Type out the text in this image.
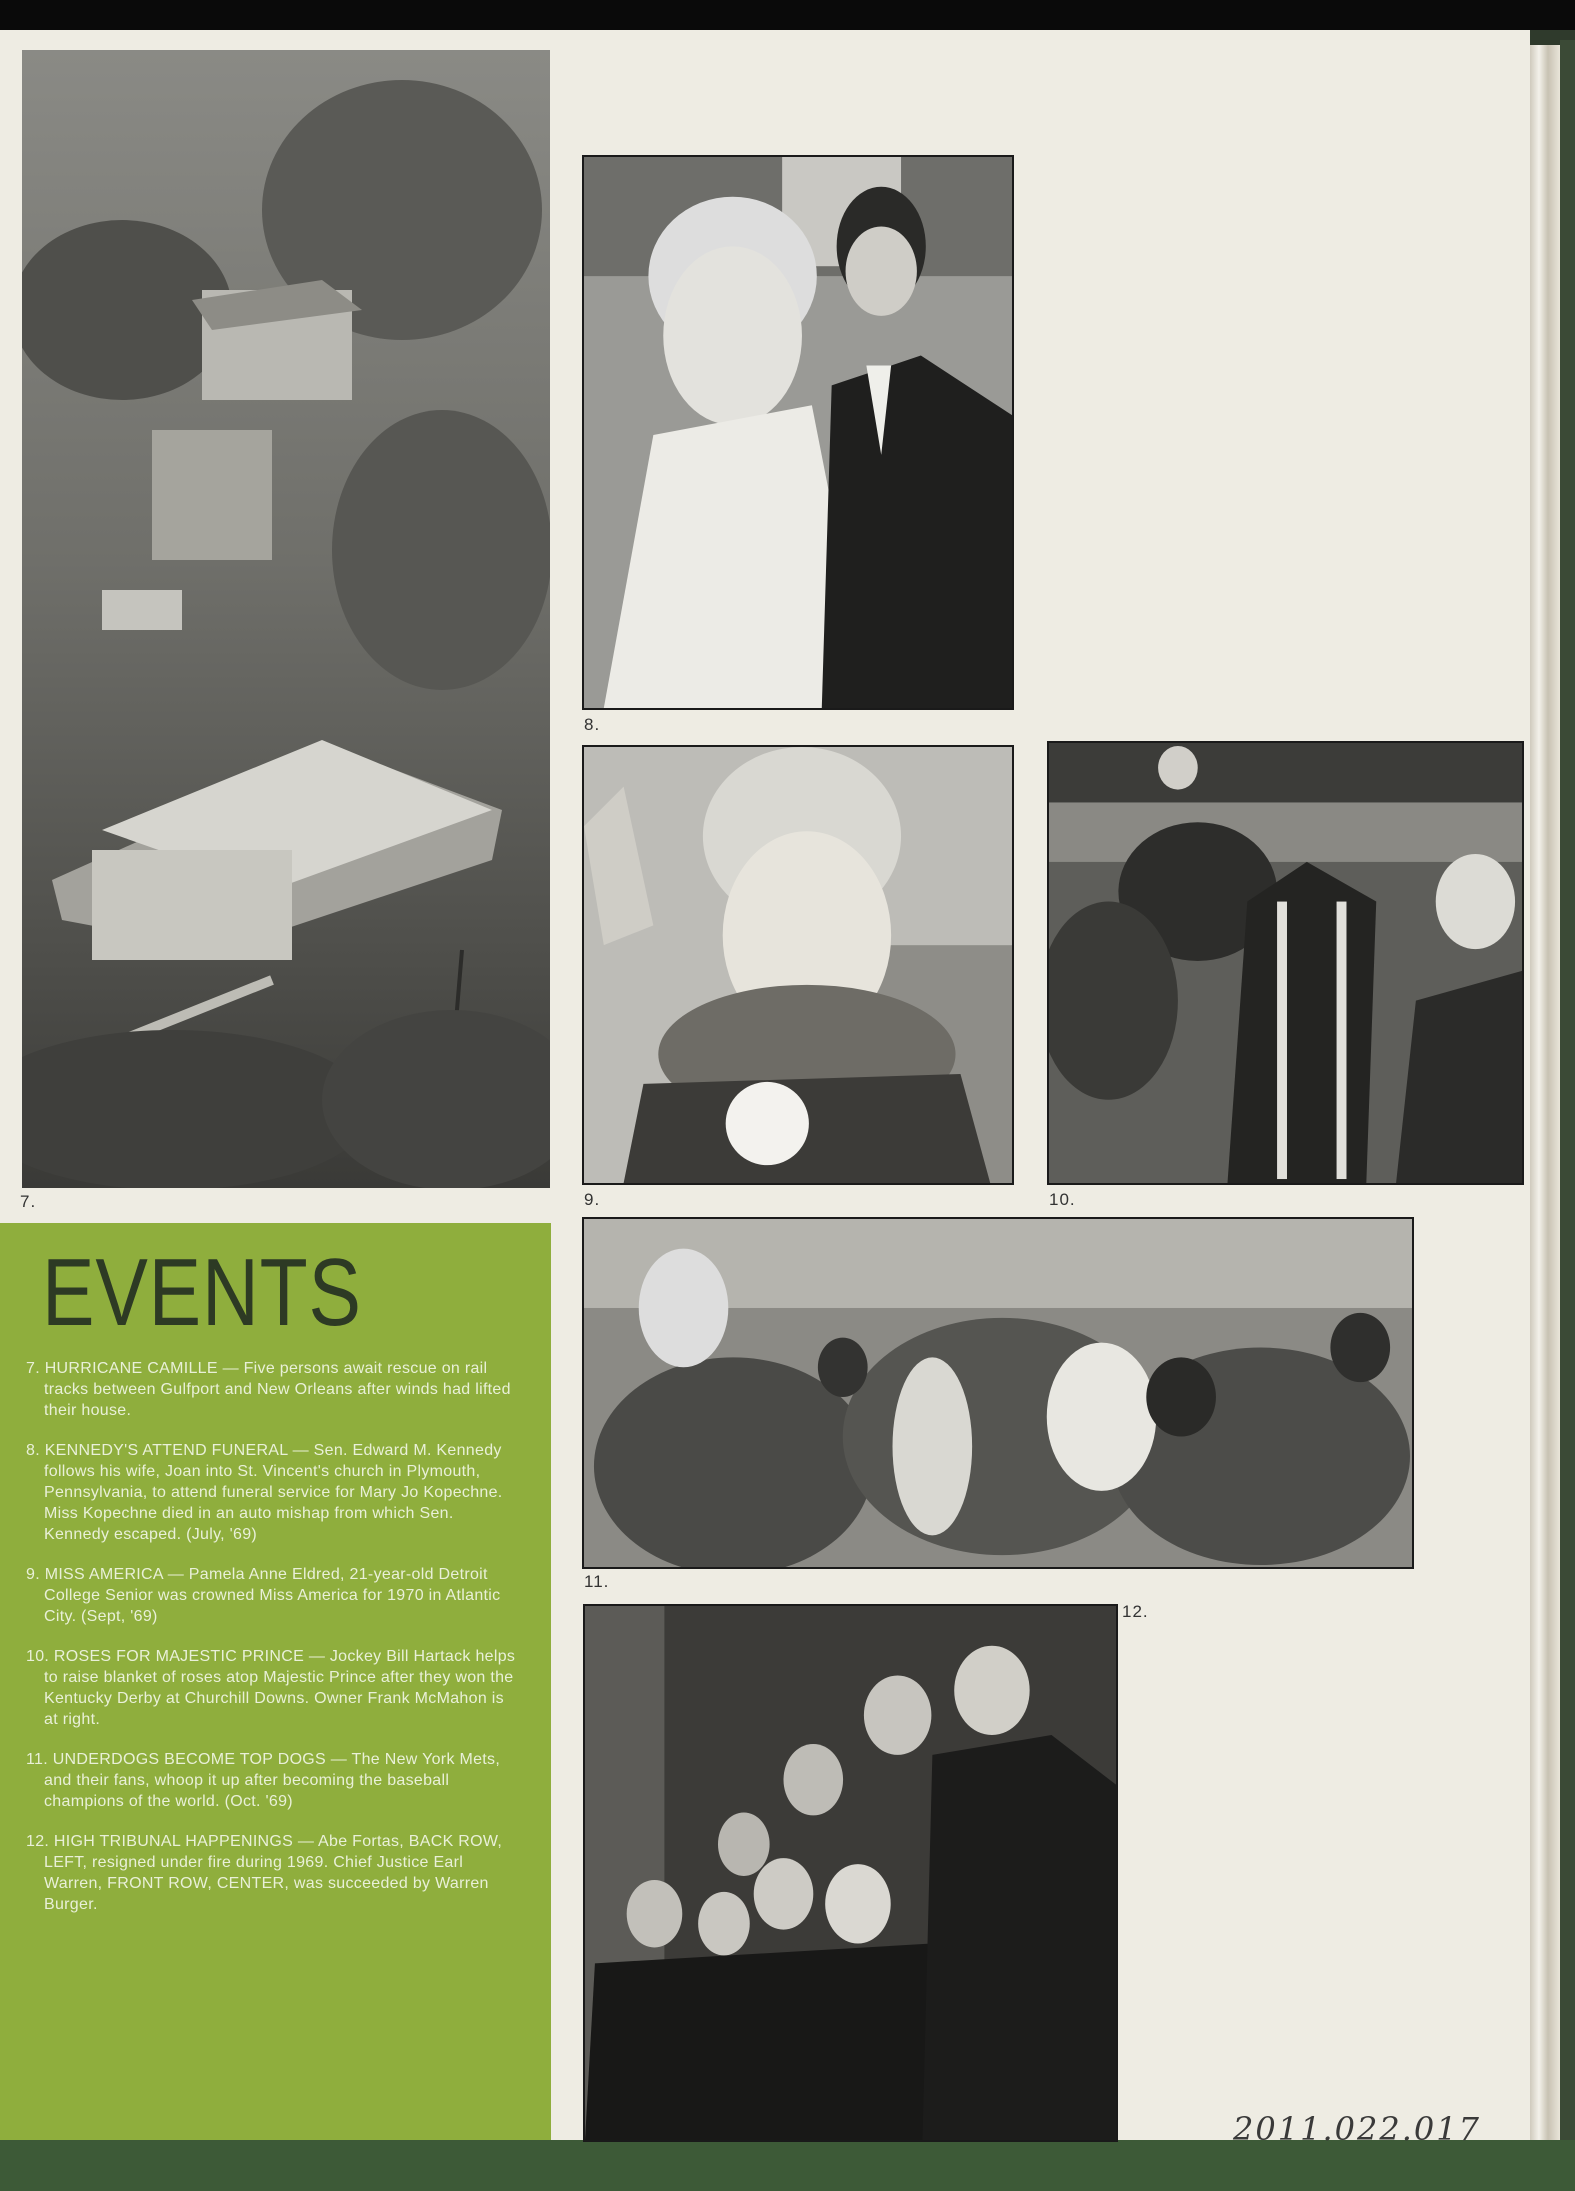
7.
8.
9.	10.
11.
12.
EVENTS

7. HURRICANE CAMILLE — Five persons await rescue on rail tracks between Gulfport and New Orleans after winds had lifted their house.

8. KENNEDY'S ATTEND FUNERAL — Sen. Edward M. Kennedy follows his wife, Joan into St. Vincent's church in Plymouth, Pennsylvania, to attend funeral service for Mary Jo Kopechne. Miss Kopechne died in an auto mishap from which Sen. Kennedy escaped. (July, '69)

9. MISS AMERICA — Pamela Anne Eldred, 21-year-old Detroit College Senior was crowned Miss America for 1970 in Atlantic City. (Sept, '69)

10. ROSES FOR MAJESTIC PRINCE — Jockey Bill Hartack helps to raise blanket of roses atop Majestic Prince after they won the Kentucky Derby at Churchill Downs. Owner Frank McMahon is at right.

11. UNDERDOGS BECOME TOP DOGS — The New York Mets, and their fans, whoop it up after becoming the baseball champions of the world. (Oct. '69)

12. HIGH TRIBUNAL HAPPENINGS — Abe Fortas, BACK ROW, LEFT, resigned under fire during 1969. Chief Justice Earl Warren, FRONT ROW, CENTER, was succeeded by Warren Burger.

2011.022.017
